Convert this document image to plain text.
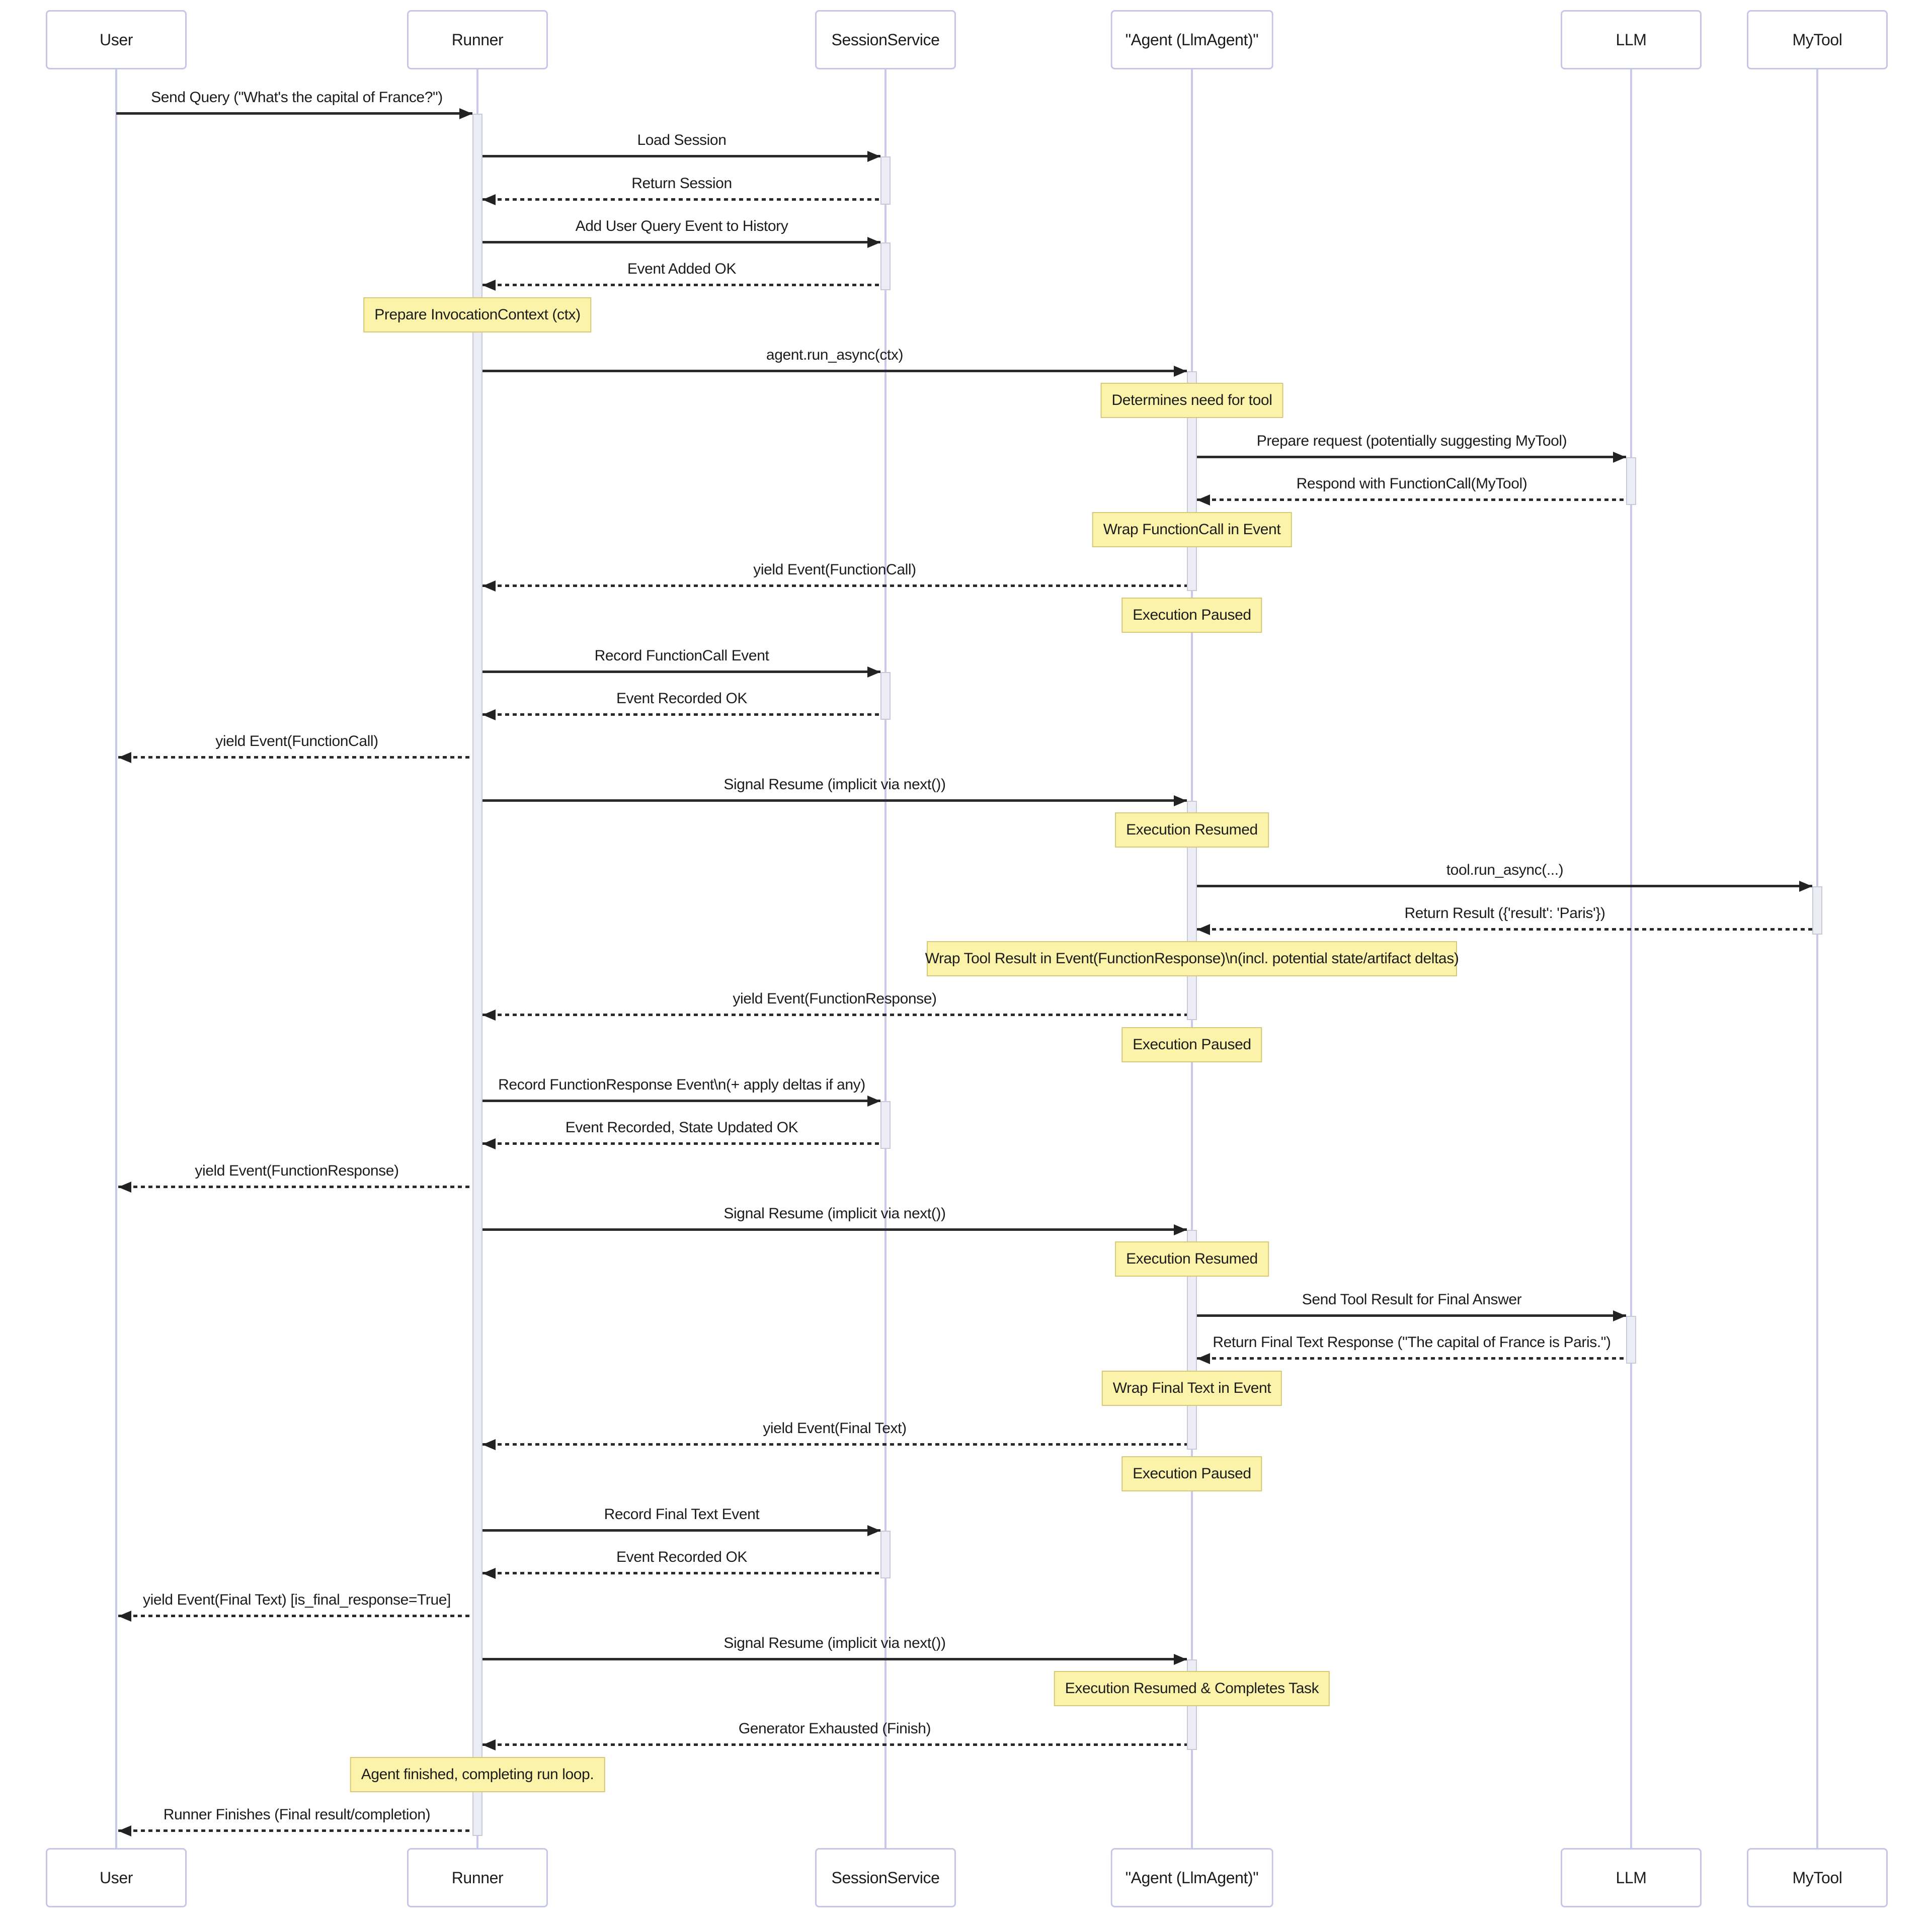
User
User
Runner
Runner
SessionService
SessionService
"Agent (LlmAgent)"
"Agent (LlmAgent)"
LLM
LLM
MyTool
MyTool
Send Query ("What's the capital of France?")
Load Session
Return Session
Add User Query Event to History
Event Added OK
Prepare InvocationContext (ctx)
agent.run_async(ctx)
Determines need for tool
Prepare request (potentially suggesting MyTool)
Respond with FunctionCall(MyTool)
Wrap FunctionCall in Event
yield Event(FunctionCall)
Execution Paused
Record FunctionCall Event
Event Recorded OK
yield Event(FunctionCall)
Signal Resume (implicit via next())
Execution Resumed
tool.run_async(...)
Return Result ({'result': 'Paris'})
Wrap Tool Result in Event(FunctionResponse)\n(incl. potential state/artifact deltas)
yield Event(FunctionResponse)
Execution Paused
Record FunctionResponse Event\n(+ apply deltas if any)
Event Recorded, State Updated OK
yield Event(FunctionResponse)
Signal Resume (implicit via next())
Execution Resumed
Send Tool Result for Final Answer
Return Final Text Response ("The capital of France is Paris.")
Wrap Final Text in Event
yield Event(Final Text)
Execution Paused
Record Final Text Event
Event Recorded OK
yield Event(Final Text) [is_final_response=True]
Signal Resume (implicit via next())
Execution Resumed & Completes Task
Generator Exhausted (Finish)
Agent finished, completing run loop.
Runner Finishes (Final result/completion)
